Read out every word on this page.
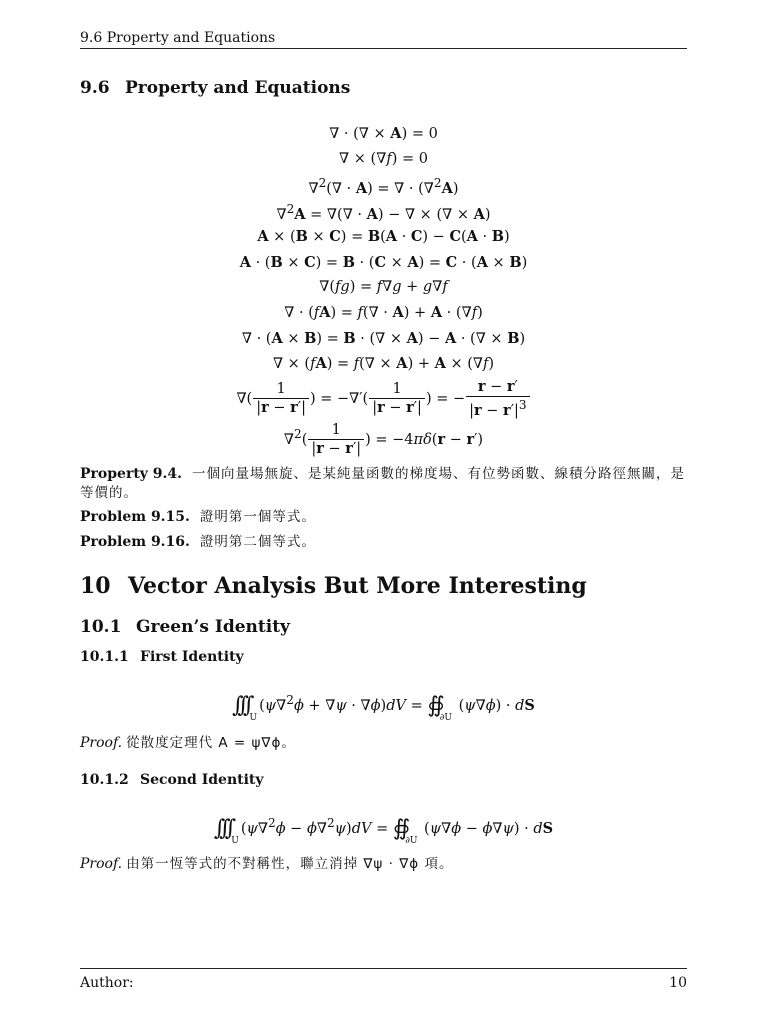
9.6 Property and Equations
9.6 Property and Equations
∇ · (∇ × A) = 0
∇ × (∇f) = 0
∇$^2$(∇ · A) = ∇ · (∇$^2$A)
∇$^2$A = ∇(∇ · A) − ∇ × (∇ × A)
A × (B × C) = B(A · C) − C(A · B)
A · (B × C) = B · (C × A) = C · (A × B)
∇(fg) = f∇g + g∇f
∇ · (fA) = f(∇ · A) + A · (∇f)
∇ · (A × B) = B · (∇ × A) − A · (∇ × B)
∇ × (fA) = f(∇ × A) + A × (∇f)
∇( $\frac{1}{|r - r'|}$ ) = −∇′( $\frac{1}{|r - r'|}$ ) = − $\frac{r - r'}{|r - r'|^3}$
$\nabla^2( \frac{1}{|r - r'|}$ ) = −4πδ(r − r′)
Property 9.4. 一個向量場無旋、是某純量函數的梯度場、有位勢函數、線積分路徑無關，是等價的。
Problem 9.15. 證明第一個等式。
Problem 9.16. 證明第二個等式。
10 Vector Analysis But More Interesting
10.1 Green’s Identity
10.1.1 First Identity
$\int\int\int_U(\psi\nabla^2\phi + \nabla\psi \cdot \nabla\phi)dV$ = $∯_{\partial U}$ (ψ∇ϕ) · dS
Proof. 從散度定理代 A = ψ∇ϕ。
10.1.2 Second Identity
$\int\int\int_U(\psi\nabla^2\phi - \phi\nabla^2\psi)dV$ = $∯_{\partial U}$ (ψ∇ϕ − ϕ∇ψ) · dS
Proof. 由第一恆等式的不對稱性，聯立消掉 ∇ψ · ∇ϕ 項。
Author:	10
